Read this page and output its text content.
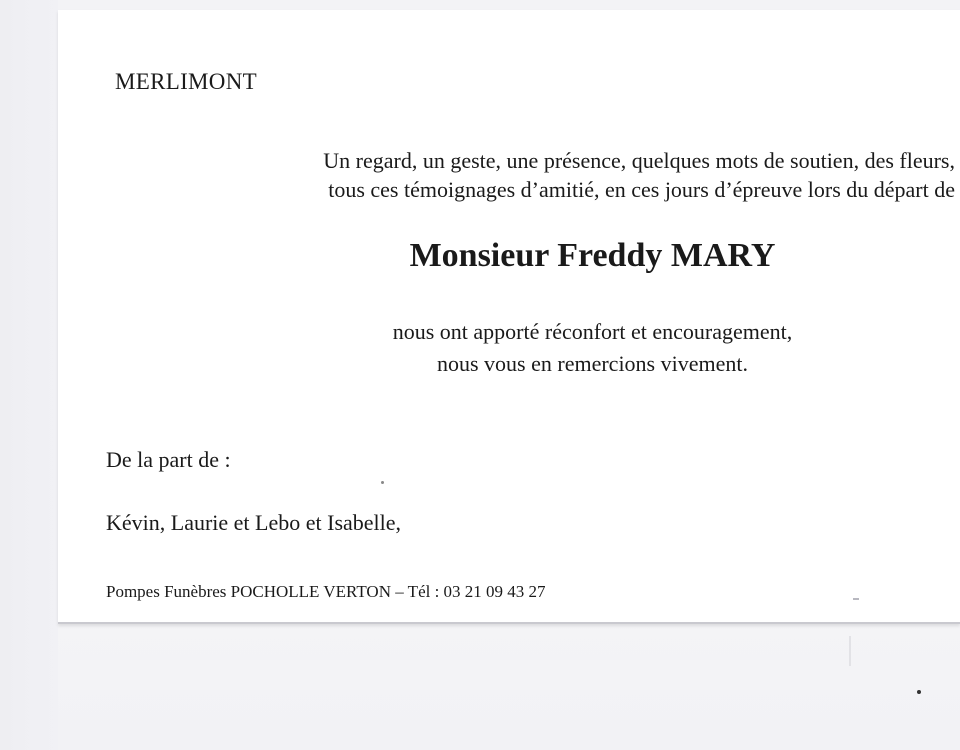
MERLIMONT

Un regard, un geste, une présence, quelques mots de soutien, des fleurs,
tous ces témoignages d’amitié, en ces jours d’épreuve lors du départ de

Monsieur Freddy MARY

nous ont apporté réconfort et encouragement,
nous vous en remercions vivement.

De la part de :

Kévin, Laurie et Lebo et Isabelle,

Pompes Funèbres POCHOLLE VERTON – Tél : 03 21 09 43 27
